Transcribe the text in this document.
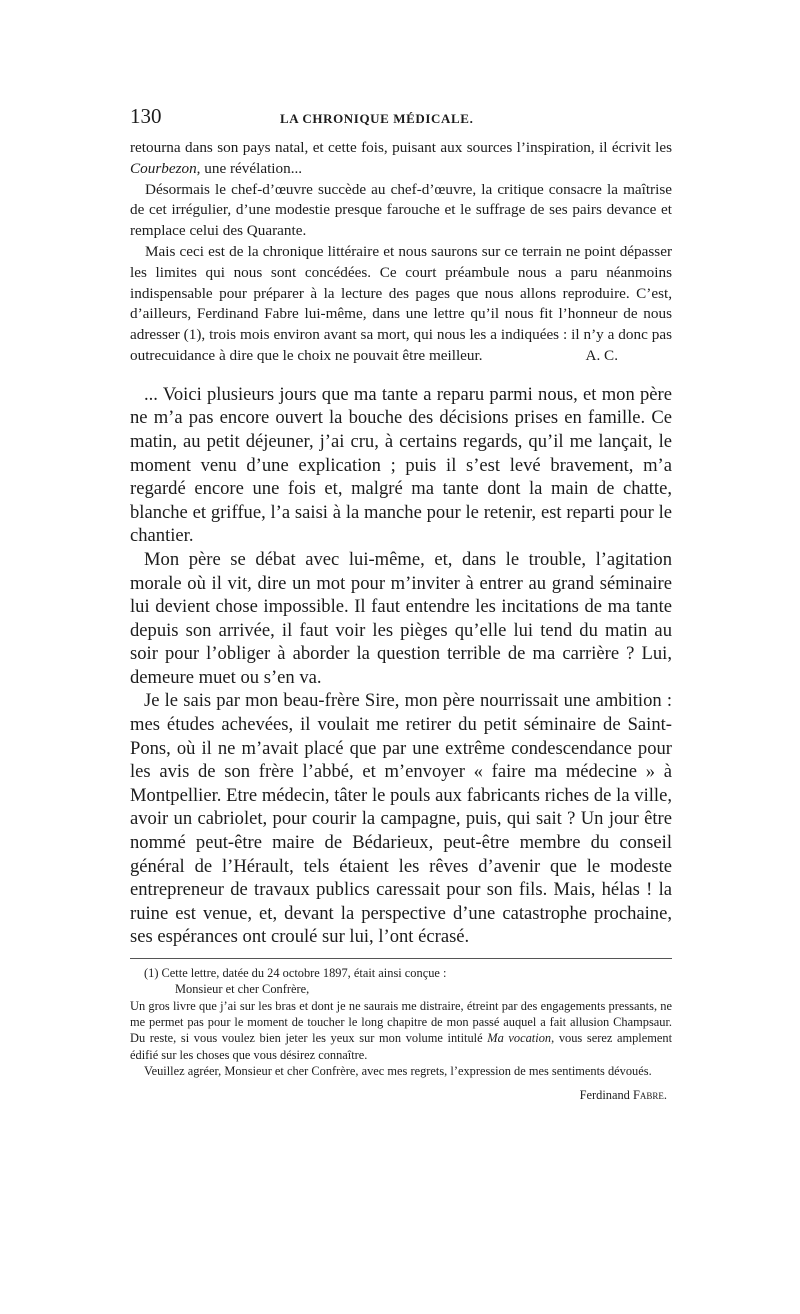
130	LA CHRONIQUE MÉDICALE.

retourna dans son pays natal, et cette fois, puisant aux sources l’inspiration, il écrivit les Courbezon, une révélation...

Désormais le chef-d’œuvre succède au chef-d’œuvre, la critique consacre la maîtrise de cet irrégulier, d’une modestie presque farouche et le suffrage de ses pairs devance et remplace celui des Quarante.

Mais ceci est de la chronique littéraire et nous saurons sur ce terrain ne point dépasser les limites qui nous sont concédées. Ce court préambule nous a paru néanmoins indispensable pour préparer à la lecture des pages que nous allons reproduire. C’est, d’ailleurs, Ferdinand Fabre lui-même, dans une lettre qu’il nous fit l’honneur de nous adresser (1), trois mois environ avant sa mort, qui nous les a indiquées : il n’y a donc pas outrecuidance à dire que le choix ne pouvait être meilleur.	A. C.

... Voici plusieurs jours que ma tante a reparu parmi nous, et mon père ne m’a pas encore ouvert la bouche des décisions prises en famille. Ce matin, au petit déjeuner, j’ai cru, à certains regards, qu’il me lançait, le moment venu d’une explication ; puis il s’est levé bravement, m’a regardé encore une fois et, malgré ma tante dont la main de chatte, blanche et griffue, l’a saisi à la manche pour le retenir, est reparti pour le chantier.

Mon père se débat avec lui-même, et, dans le trouble, l’agitation morale où il vit, dire un mot pour m’inviter à entrer au grand séminaire lui devient chose impossible. Il faut entendre les incitations de ma tante depuis son arrivée, il faut voir les pièges qu’elle lui tend du matin au soir pour l’obliger à aborder la question terrible de ma carrière ? Lui, demeure muet ou s’en va.

Je le sais par mon beau-frère Sire, mon père nourrissait une ambition : mes études achevées, il voulait me retirer du petit séminaire de Saint-Pons, où il ne m’avait placé que par une extrême condescendance pour les avis de son frère l’abbé, et m’envoyer « faire ma médecine » à Montpellier. Etre médecin, tâter le pouls aux fabricants riches de la ville, avoir un cabriolet, pour courir la campagne, puis, qui sait ? Un jour être nommé peut-être maire de Bédarieux, peut-être membre du conseil général de l’Hérault, tels étaient les rêves d’avenir que le modeste entrepreneur de travaux publics caressait pour son fils. Mais, hélas ! la ruine est venue, et, devant la perspective d’une catastrophe prochaine, ses espérances ont croulé sur lui, l’ont écrasé.

(1) Cette lettre, datée du 24 octobre 1897, était ainsi conçue :

Monsieur et cher Confrère,

Un gros livre que j’ai sur les bras et dont je ne saurais me distraire, étreint par des engagements pressants, ne me permet pas pour le moment de toucher le long chapitre de mon passé auquel a fait allusion Champsaur. Du reste, si vous voulez bien jeter les yeux sur mon volume intitulé Ma vocation, vous serez amplement édifié sur les choses que vous désirez connaître.

Veuillez agréer, Monsieur et cher Confrère, avec mes regrets, l’expression de mes sentiments dévoués.

Ferdinand Fabre.
